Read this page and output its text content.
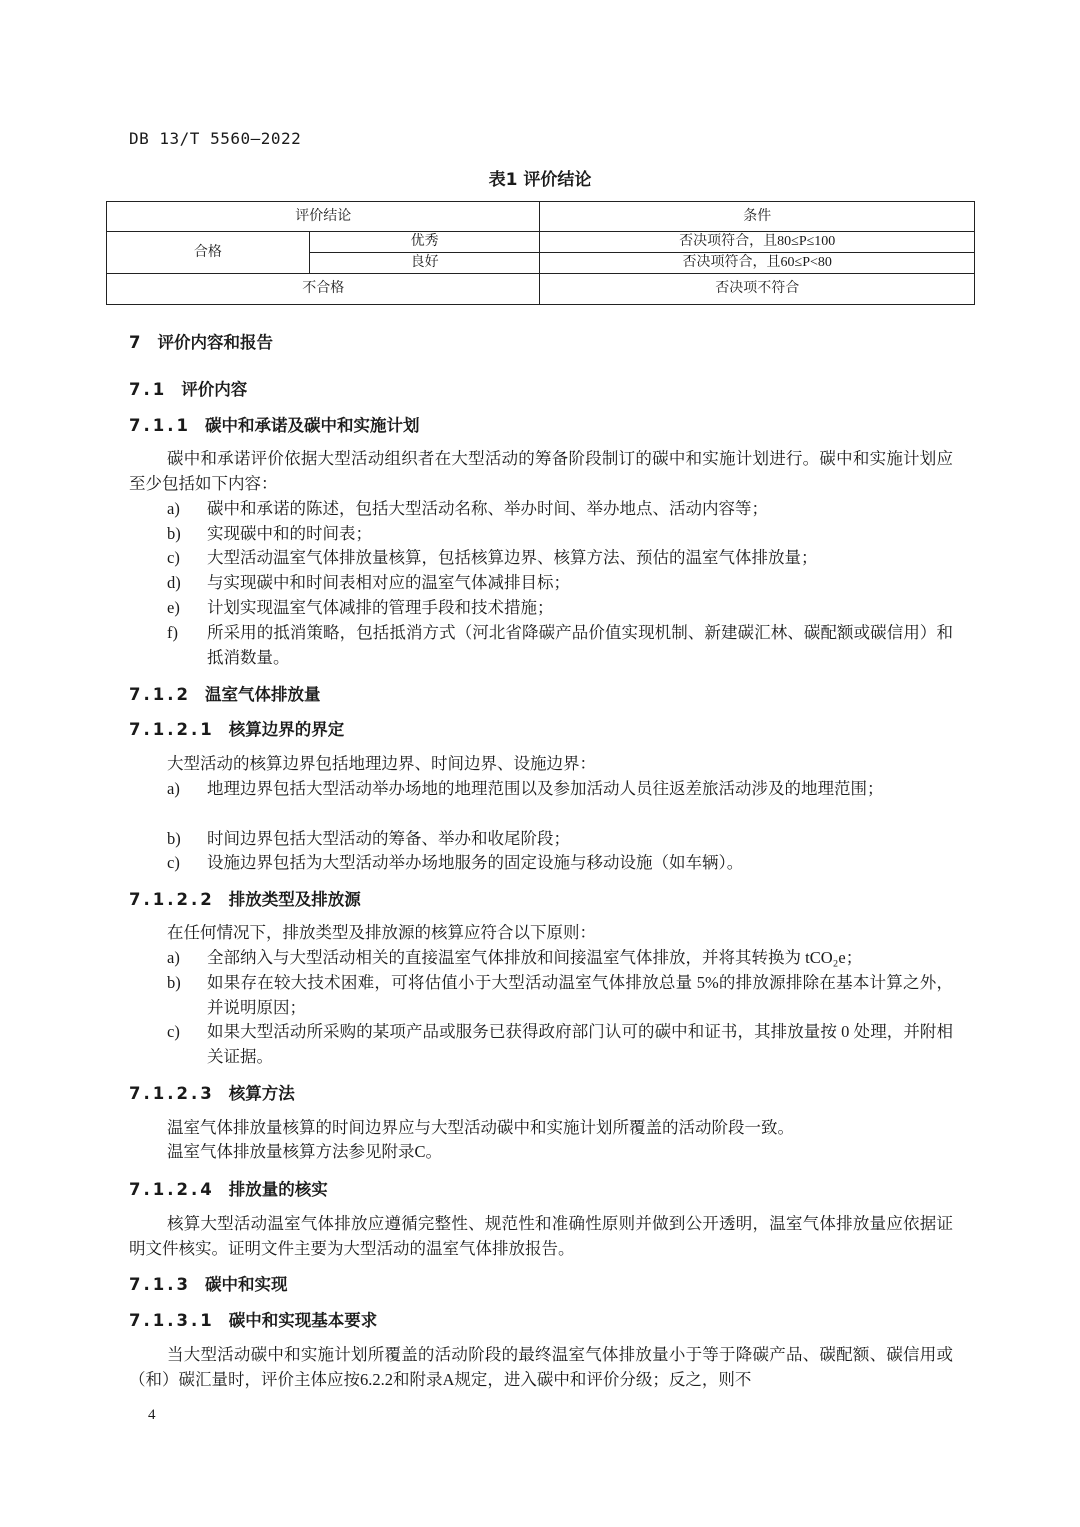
DB 13/T 5560—2022
表1 评价结论
评价结论		条件
合格	优秀	否决项符合，且80≤P≤100
	良好	否决项符合，且60≤P<80
不合格		否决项不符合
7 评价内容和报告
7.1 评价内容
7.1.1 碳中和承诺及碳中和实施计划
碳中和承诺评价依据大型活动组织者在大型活动的筹备阶段制订的碳中和实施计划进行。碳中和实施计划应至少包括如下内容：
a) 碳中和承诺的陈述，包括大型活动名称、举办时间、举办地点、活动内容等；
b) 实现碳中和的时间表；
c) 大型活动温室气体排放量核算，包括核算边界、核算方法、预估的温室气体排放量；
d) 与实现碳中和时间表相对应的温室气体减排目标；
e) 计划实现温室气体减排的管理手段和技术措施；
f) 所采用的抵消策略，包括抵消方式（河北省降碳产品价值实现机制、新建碳汇林、碳配额或碳信用）和抵消数量。
7.1.2 温室气体排放量
7.1.2.1 核算边界的界定
大型活动的核算边界包括地理边界、时间边界、设施边界：
a) 地理边界包括大型活动举办场地的地理范围以及参加活动人员往返差旅活动涉及的地理范围；
b) 时间边界包括大型活动的筹备、举办和收尾阶段；
c) 设施边界包括为大型活动举办场地服务的固定设施与移动设施（如车辆）。
7.1.2.2 排放类型及排放源
在任何情况下，排放类型及排放源的核算应符合以下原则：
a) 全部纳入与大型活动相关的直接温室气体排放和间接温室气体排放，并将其转换为 tCO₂e；
b) 如果存在较大技术困难，可将估值小于大型活动温室气体排放总量 5%的排放源排除在基本计算之外，并说明原因；
c) 如果大型活动所采购的某项产品或服务已获得政府部门认可的碳中和证书，其排放量按 0 处理，并附相关证据。
7.1.2.3 核算方法
温室气体排放量核算的时间边界应与大型活动碳中和实施计划所覆盖的活动阶段一致。
温室气体排放量核算方法参见附录C。
7.1.2.4 排放量的核实
核算大型活动温室气体排放应遵循完整性、规范性和准确性原则并做到公开透明，温室气体排放量应依据证明文件核实。证明文件主要为大型活动的温室气体排放报告。
7.1.3 碳中和实现
7.1.3.1 碳中和实现基本要求
当大型活动碳中和实施计划所覆盖的活动阶段的最终温室气体排放量小于等于降碳产品、碳配额、碳信用或（和）碳汇量时，评价主体应按6.2.2和附录A规定，进入碳中和评价分级；反之，则不
4
